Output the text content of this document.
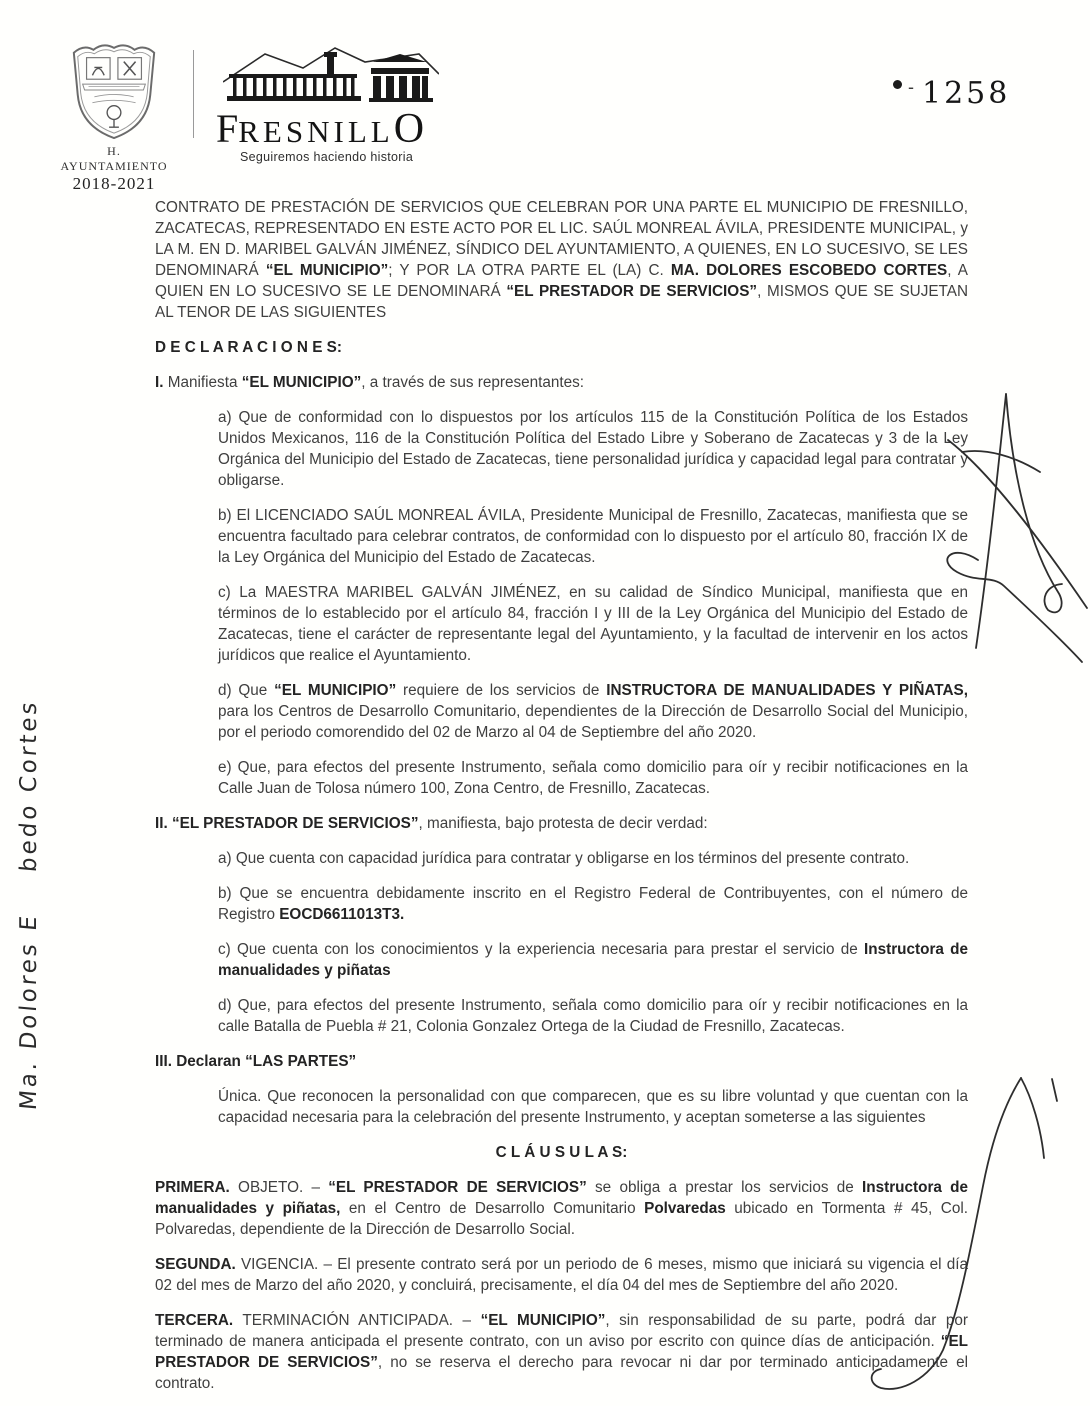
H. AYUNTAMIENTO
2018-2021
FRESNILLO
Seguiremos haciendo historia
‑ 1258

CONTRATO DE PRESTACIÓN DE SERVICIOS QUE CELEBRAN POR UNA PARTE EL MUNICIPIO DE FRESNILLO, ZACATECAS, REPRESENTADO EN ESTE ACTO POR EL LIC. SAÚL MONREAL ÁVILA, PRESIDENTE MUNICIPAL, y LA M. EN D. MARIBEL GALVÁN JIMÉNEZ, SÍNDICO DEL AYUNTAMIENTO, A QUIENES, EN LO SUCESIVO, SE LES DENOMINARÁ “EL MUNICIPIO”; Y POR LA OTRA PARTE EL (LA) C. MA. DOLORES ESCOBEDO CORTES, A QUIEN EN LO SUCESIVO SE LE DENOMINARÁ “EL PRESTADOR DE SERVICIOS”, MISMOS QUE SE SUJETAN AL TENOR DE LAS SIGUIENTES

D E C L A R A C I O N E S:

I. Manifiesta “EL MUNICIPIO”, a través de sus representantes:

a) Que de conformidad con lo dispuestos por los artículos 115 de la Constitución Política de los Estados Unidos Mexicanos, 116 de la Constitución Política del Estado Libre y Soberano de Zacatecas y 3 de la Ley Orgánica del Municipio del Estado de Zacatecas, tiene personalidad jurídica y capacidad legal para contratar y obligarse.

b) El LICENCIADO SAÚL MONREAL ÁVILA, Presidente Municipal de Fresnillo, Zacatecas, manifiesta que se encuentra facultado para celebrar contratos, de conformidad con lo dispuesto por el artículo 80, fracción IX de la Ley Orgánica del Municipio del Estado de Zacatecas.

c) La MAESTRA MARIBEL GALVÁN JIMÉNEZ, en su calidad de Síndico Municipal, manifiesta que en términos de lo establecido por el artículo 84, fracción I y III de la Ley Orgánica del Municipio del Estado de Zacatecas, tiene el carácter de representante legal del Ayuntamiento, y la facultad de intervenir en los actos jurídicos que realice el Ayuntamiento.

d) Que “EL MUNICIPIO” requiere de los servicios de INSTRUCTORA DE MANUALIDADES Y PIÑATAS, para los Centros de Desarrollo Comunitario, dependientes de la Dirección de Desarrollo Social del Municipio, por el periodo comorendido del 02 de Marzo al 04 de Septiembre del año 2020.

e) Que, para efectos del presente Instrumento, señala como domicilio para oír y recibir notificaciones en la Calle Juan de Tolosa número 100, Zona Centro, de Fresnillo, Zacatecas.

II. “EL PRESTADOR DE SERVICIOS”, manifiesta, bajo protesta de decir verdad:

a) Que cuenta con capacidad jurídica para contratar y obligarse en los términos del presente contrato.

b) Que se encuentra debidamente inscrito en el Registro Federal de Contribuyentes, con el número de Registro EOCD6611013T3.

c) Que cuenta con los conocimientos y la experiencia necesaria para prestar el servicio de Instructora de manualidades y piñatas

d) Que, para efectos del presente Instrumento, señala como domicilio para oír y recibir notificaciones en la calle Batalla de Puebla # 21, Colonia Gonzalez Ortega de la Ciudad de Fresnillo, Zacatecas.

III. Declaran “LAS PARTES”

Única. Que reconocen la personalidad con que comparecen, que es su libre voluntad y que cuentan con la capacidad necesaria para la celebración del presente Instrumento, y aceptan someterse a las siguientes

C L Á U S U L A S:

PRIMERA. OBJETO. – “EL PRESTADOR DE SERVICIOS” se obliga a prestar los servicios de Instructora de manualidades y piñatas, en el Centro de Desarrollo Comunitario Polvaredas ubicado en Tormenta # 45, Col. Polvaredas, dependiente de la Dirección de Desarrollo Social.

SEGUNDA. VIGENCIA. – El presente contrato será por un periodo de 6 meses, mismo que iniciará su vigencia el día 02 del mes de Marzo del año 2020, y concluirá, precisamente, el día 04 del mes de Septiembre del año 2020.

TERCERA. TERMINACIÓN ANTICIPADA. – “EL MUNICIPIO”, sin responsabilidad de su parte, podrá dar por terminado de manera anticipada el presente contrato, con un aviso por escrito con quince días de anticipación. “EL PRESTADOR DE SERVICIOS”, no se reserva el derecho para revocar ni dar por terminado anticipadamente el contrato.

Ma. Dolores E    bedo Cortes
